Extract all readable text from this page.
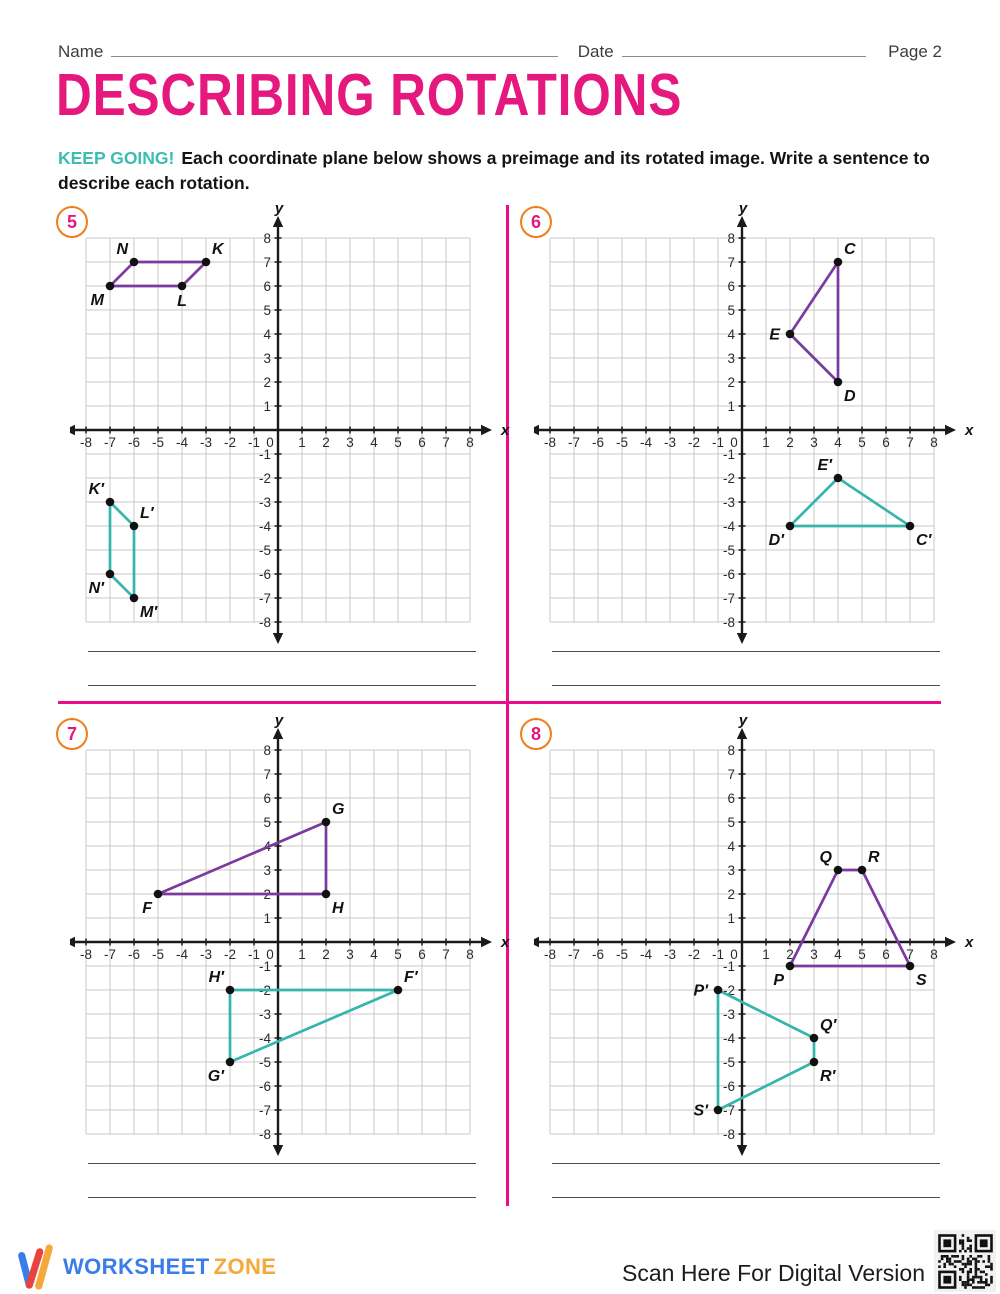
Name	Date	Page 2
DESCRIBING ROTATIONS

KEEP GOING! Each coordinate plane below shows a preimage and its rotated image. Write a sentence to describe each rotation.

5
-8 -7 -6 -5 -4 -3 -2 -1 0 1 2 3 4 5 6 7 8
-8
-7
-6
-5
-4
-3
-2
-1
1
2
3
4
5
6
7
8
x
y
M
N	K
L
K′
L′
M′
N′
6
-8 -7 -6 -5 -4 -3 -2 -1 0 1 2 3 4 5 6 7 8
-8
-7
-6
-5
-4
-3
-2
-1
1
2
3
4
5
6
7
8
x
y
C
D
E
C′
D′
E′
7
-8 -7 -6 -5 -4 -3 -2 -1 0 1 2 3 4 5 6 7 8
-8
-7
-6
-5
-4
-3
-2
-1
1
2
3
4
5
6
7
8
x
y
F
G
H
F′
G′
H′
8
-8 -7 -6 -5 -4 -3 -2 -1 0 1 2 3 4 5 6 7 8
-8
-7
-6
-5
-4
-3
-2
-1
1
2
3
4
5
6
7
8
x
y
P
Q R
S
P′
Q′
R′
S′
WORKSHEET ZONE	Scan Here For Digital Version
